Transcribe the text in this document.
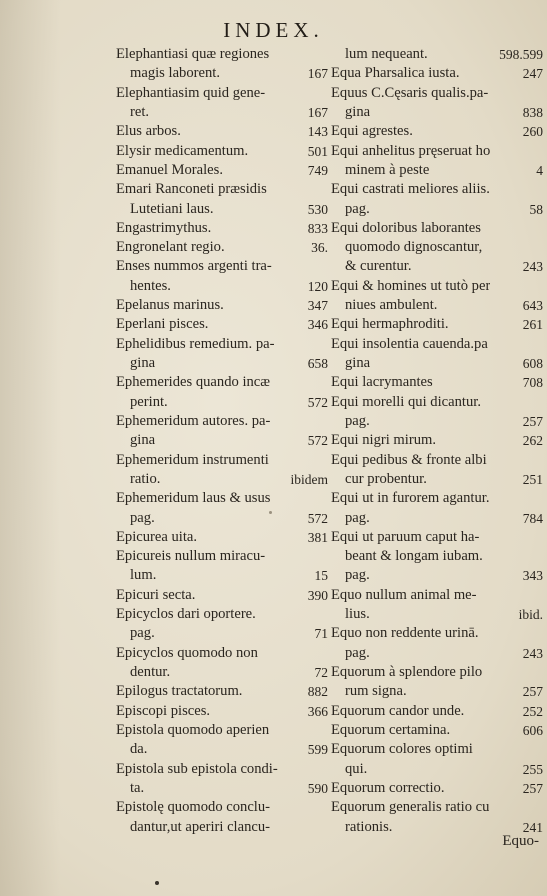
INDEX.
Elephantiasi quæ regiones
magis laborent.	167
Elephantiasim quid gene-
ret.	167
Elus arbos.	143
Elysir medicamentum.	501
Emanuel Morales.	749
Emari Ranconeti præsidis
Lutetiani laus.	530
Engastrimythus.	833
Engronelant regio.	36.
Enses nummos argenti tra-
hentes.	120
Epelanus marinus.	347
Eperlani pisces.	346
Ephelidibus remedium. pa-
gina	658
Ephemerides quando incæ
perint.	572
Ephemeridum autores. pa-
gina	572
Ephemeridum instrumenti
ratio.	ibidem
Ephemeridum laus & usus
pag.	572
Epicurea uita.	381
Epicureis nullum miracu-
lum.	15
Epicuri secta.	390
Epicyclos dari oportere.
pag.	71
Epicyclos quomodo non
dentur.	72
Epilogus tractatorum.	882
Episcopi pisces.	366
Epistola quomodo aperien
da.	599
Epistola sub epistola condi-
ta.	590
Epistolę quomodo conclu-
dantur,ut aperiri clancu-
lum nequeant.	598.599
Equa Pharsalica iusta.	247
Equus C.Cęsaris qualis.pa-
gina	838
Equi agrestes.	260
Equi anhelitus pręseruat ho
minem à peste	4
Equi castrati meliores aliis.
pag.	58
Equi doloribus laborantes
quomodo dignoscantur,
& curentur.	243
Equi & homines ut tutò per
niues ambulent.	643
Equi hermaphroditi.	261
Equi insolentia cauenda.pa
gina	608
Equi lacrymantes	708
Equi morelli qui dicantur.
pag.	257
Equi nigri mirum.	262
Equi pedibus & fronte albi
cur probentur.	251
Equi ut in furorem agantur.
pag.	784
Equi ut paruum caput ha-
beant & longam iubam.
pag.	343
Equo nullum animal me-
lius.	ibid.
Equo non reddente urinā.
pag.	243
Equorum à splendore pilo
rum signa.	257
Equorum candor unde.	252
Equorum certamina.	606
Equorum colores optimi
qui.	255
Equorum correctio.	257
Equorum generalis ratio cu
rationis.	241
Equo-
